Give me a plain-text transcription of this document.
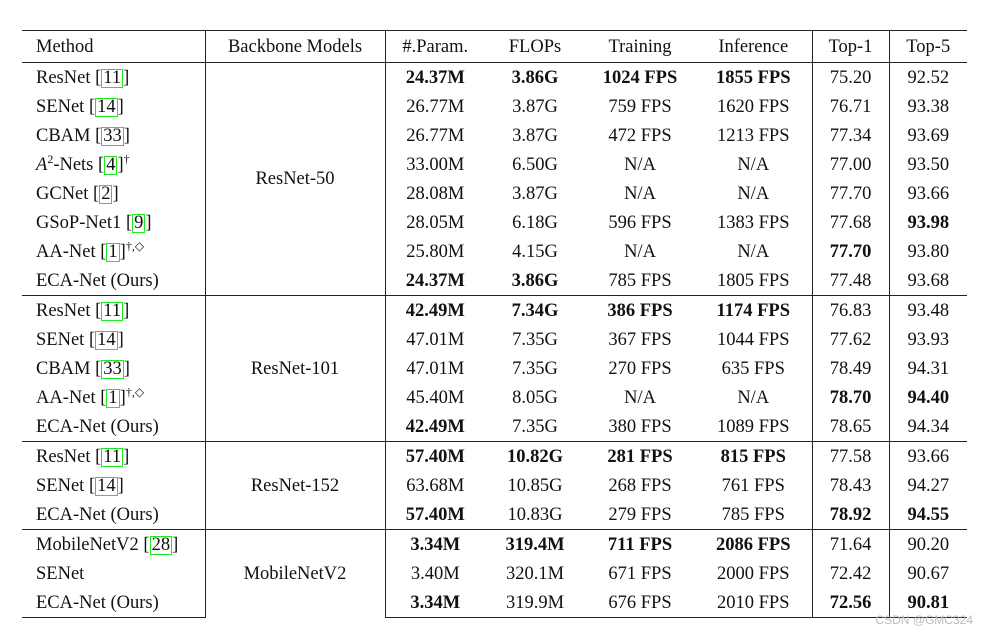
Method	Backbone Models	#.Param.	FLOPs	Training	Inference	Top-1	Top-5
ResNet [ 11 ]	ResNet-50	24.37M	3.86G	1024 FPS	1855 FPS	75.20	92.52
SENet [ 14 ]		26.77M	3.87G	759 FPS	1620 FPS	76.71	93.38
CBAM [ 33 ]		26.77M	3.87G	472 FPS	1213 FPS	77.34	93.69
$A^2$-Nets [ 4 ]†		33.00M	6.50G	N/A	N/A	77.00	93.50
GCNet [ 2 ]		28.08M	3.87G	N/A	N/A	77.70	93.66
GSoP-Net1 [ 9 ]		28.05M	6.18G	596 FPS	1383 FPS	77.68	93.98
AA-Net [ 1 ]†,◇		25.80M	4.15G	N/A	N/A	77.70	93.80
ECA-Net (Ours)		24.37M	3.86G	785 FPS	1805 FPS	77.48	93.68
ResNet [ 11 ]	ResNet-101	42.49M	7.34G	386 FPS	1174 FPS	76.83	93.48
SENet [ 14 ]		47.01M	7.35G	367 FPS	1044 FPS	77.62	93.93
CBAM [ 33 ]		47.01M	7.35G	270 FPS	635 FPS	78.49	94.31
AA-Net [ 1 ]†,◇		45.40M	8.05G	N/A	N/A	78.70	94.40
ECA-Net (Ours)		42.49M	7.35G	380 FPS	1089 FPS	78.65	94.34
ResNet [ 11 ]	ResNet-152	57.40M	10.82G	281 FPS	815 FPS	77.58	93.66
SENet [ 14 ]		63.68M	10.85G	268 FPS	761 FPS	78.43	94.27
ECA-Net (Ours)		57.40M	10.83G	279 FPS	785 FPS	78.92	94.55
MobileNetV2 [ 28 ]	MobileNetV2	3.34M	319.4M	711 FPS	2086 FPS	71.64	90.20
SENet		3.40M	320.1M	671 FPS	2000 FPS	72.42	90.67
ECA-Net (Ours)		3.34M	319.9M	676 FPS	2010 FPS	72.56	90.81
CSDN @GMC324
